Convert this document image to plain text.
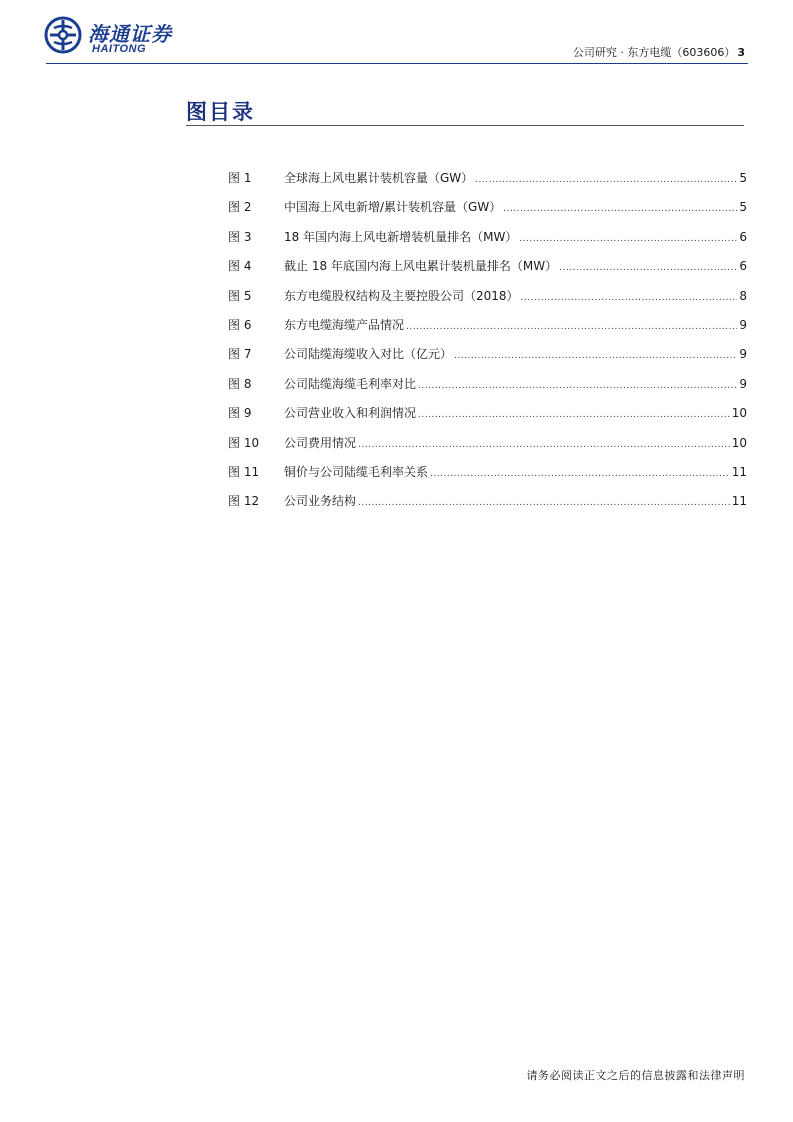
海通证券
HAITONG	公司研究 · 东方电缆（603606） 3
图目录
图 1	全球海上风电累计装机容量（GW） .....	5
图 2	中国海上风电新增/累计装机容量（GW） .....	5
图 3	18 年国内海上风电新增装机量排名（MW） .....	6
图 4	截止 18 年底国内海上风电累计装机量排名（MW） .....	6
图 5	东方电缆股权结构及主要控股公司（2018） .....	8
图 6	东方电缆海缆产品情况 .....	9
图 7	公司陆缆海缆收入对比（亿元） .....	9
图 8	公司陆缆海缆毛利率对比 .....	9
图 9	公司营业收入和利润情况 .....	10
图 10	公司费用情况 .....	10
图 11	铜价与公司陆缆毛利率关系 .....	11
图 12	公司业务结构 .....	11
请务必阅读正文之后的信息披露和法律声明
